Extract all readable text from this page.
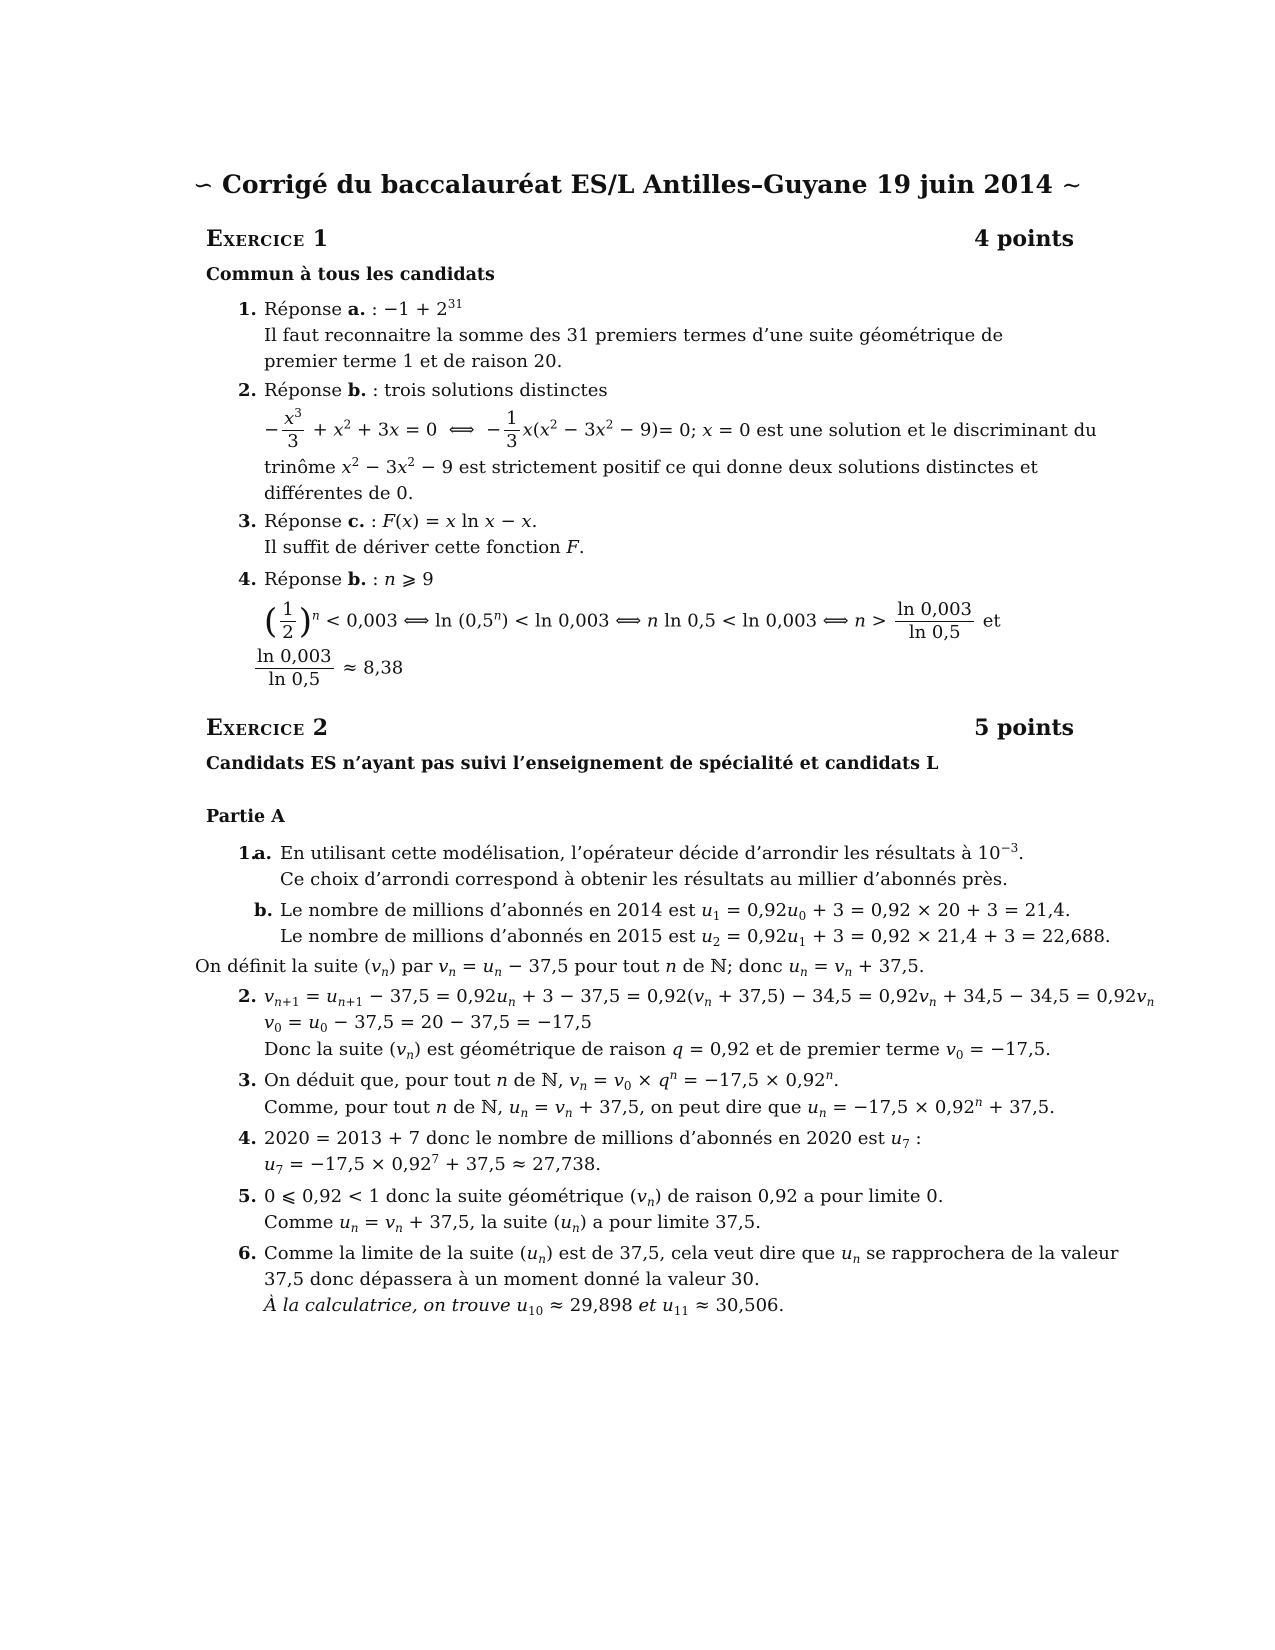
∽ Corrigé du baccalauréat ES/L Antilles–Guyane 19 juin 2014 ∼
Exercice 1	4 points
Commun à tous les candidats
1. Réponse a. : $-1 + 2^{31}$
Il faut reconnaitre la somme des 31 premiers termes d’une suite géométrique de premier terme 1 et de raison 20.
2. Réponse b. : trois solutions distinctes
− $\frac{x^3}{3} + x^2 + 3x = 0$  ⟺  − $\frac{1}{3} x(x^2 - 3x^2 - 9) = 0$; x = 0 est une solution et le discriminant du
trinôme $x^2 - 3x^2 - 9$ est strictement positif ce qui donne deux solutions distinctes et différentes de 0.
3. Réponse c. : F(x) = x ln x − x.
Il suffit de dériver cette fonction F.
4. Réponse b. : n ⩾ 9
( $\frac{1}{2} )^n < 0,003$ ⟺ $\ln (0,5^n) < \ln 0,003$ ⟺ n ln 0,5 < ln 0,003 ⟺ $n > \frac{\ln 0,003}{\ln 0,5}$ et
$\frac{\ln 0,003}{\ln 0,5} \approx 8,38$
Exercice 2	5 points
Candidats ES n’ayant pas suivi l’enseignement de spécialité et candidats L
Partie A
1.
a. En utilisant cette modélisation, l’opérateur décide d’arrondir les résultats à $10^{-3}$.
Ce choix d’arrondi correspond à obtenir les résultats au millier d’abonnés près.
b. Le nombre de millions d’abonnés en 2014 est $u_1 = 0,92u_0 + 3 = 0,92 \times 20 + 3 = 21,4$.
Le nombre de millions d’abonnés en 2015 est $u_2 = 0,92u_1 + 3 = 0,92 \times 21,4 + 3 = 22,688$.
On définit la suite $(v_n)$ par $v_n = u_n - 37,5$ pour tout n de ℕ; donc $u_n = v_n + 37,5$.
2. $v_{n+1} = u_{n+1} - 37,5 = 0,92u_n + 3 - 37,5 = 0,92(v_n + 37,5) - 34,5 = 0,92v_n + 34,5 - 34,5 = 0,92v_n$
$v_0 = u_0 - 37,5 = 20 - 37,5 = -17,5$
Donc la suite $(v_n)$ est géométrique de raison q = 0,92 et de premier terme $v_0 = -17,5$.
3. On déduit que, pour tout n de ℕ, $v_n = v_0 \times q^n = -17,5 \times 0,92^n$.
Comme, pour tout n de ℕ, $u_n = v_n + 37,5$, on peut dire que $u_n = -17,5 \times 0,92^n + 37,5$.
4. 2020 = 2013 + 7 donc le nombre de millions d’abonnés en 2020 est $u_7$ :
$u_7 = -17,5 \times 0,92^7 + 37,5 \approx 27,738$.
5. 0 ⩽ 0,92 < 1 donc la suite géométrique $(v_n)$ de raison 0,92 a pour limite 0.
Comme $u_n = v_n + 37,5$, la suite $(u_n)$ a pour limite 37,5.
6. Comme la limite de la suite $(u_n)$ est de 37,5, cela veut dire que $u_n$ se rapprochera de la valeur
37,5 donc dépassera à un moment donné la valeur 30.
À la calculatrice, on trouve $u_{10} \approx 29,898$ et $u_{11} \approx 30,506$.
